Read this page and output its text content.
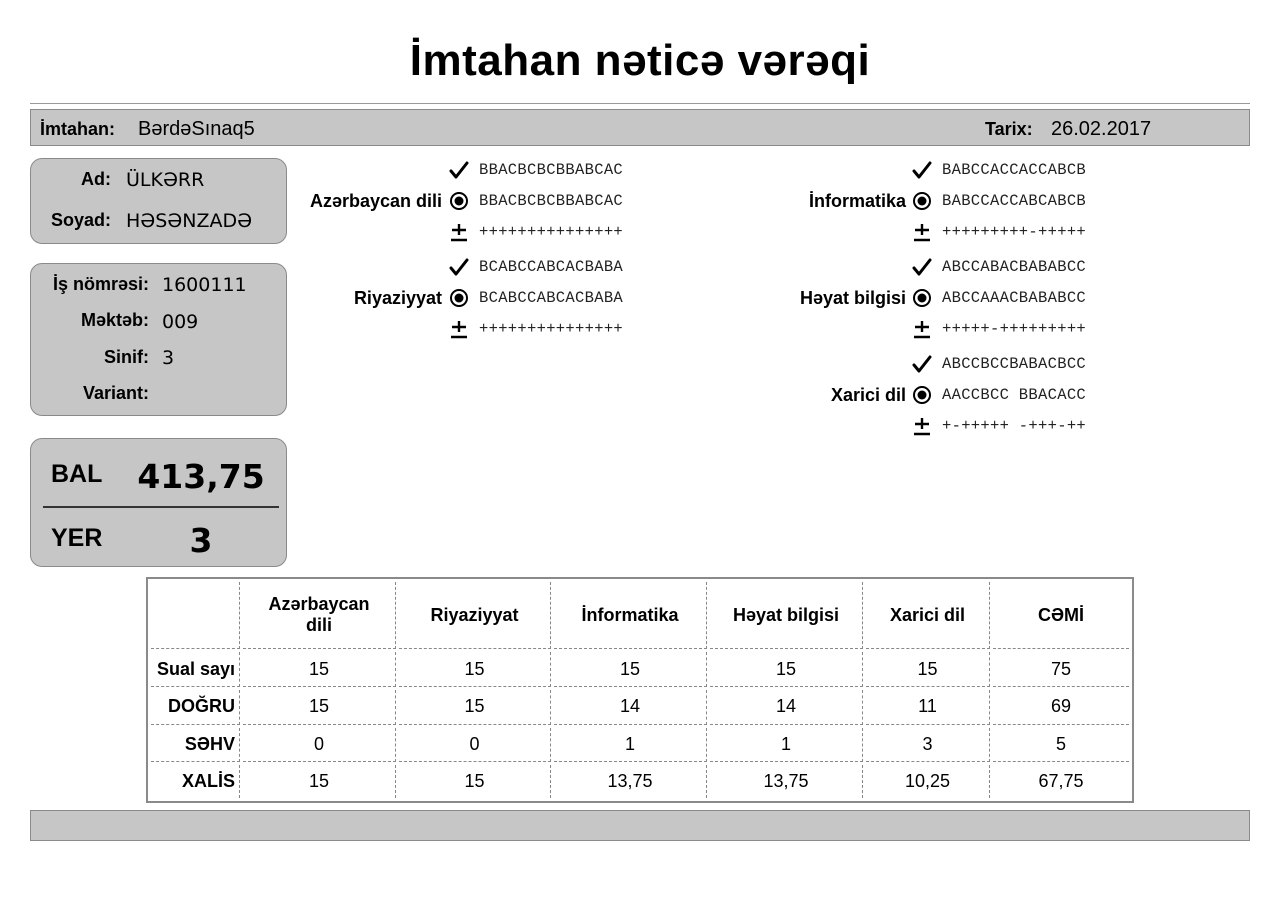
İmtahan nəticə vərəqi
İmtahan: BərdəSınaq5	Tarix: 26.02.2017
Ad: ÜLKƏRR
Soyad: HƏSƏNZADƏ
İş nömrəsi: 1600111
Məktəb: 009
Sinif: 3
Variant:
BAL 413,75
YER	3
BBACBCBCBBABCAC
BBACBCBCBBABCAC
+++++++++++++++
Azərbaycan dili
BCABCCABCACBABA
BCABCCABCACBABA
+++++++++++++++
Riyaziyyat
BABCCACCACCABCB
BABCCACCABCABCB
+++++++++-+++++
İnformatika
ABCCABACBABABCC
ABCCAAACBABABCC
+++++-+++++++++
Həyat bilgisi
ABCCBCCBABACBCC
AACCBCC BBACACC
+-+++++ -+++-++
Xarici dil
	Azərbaycan dili	Riyaziyyat	İnformatika	Həyat bilgisi	Xarici dil	CƏMİ
Sual sayı	15	15	15	15	15	75
DOĞRU	15	15	14	14	11	69
SƏHV	0	0	1	1	3	5
XALİS	15	15	13,75	13,75	10,25	67,75
